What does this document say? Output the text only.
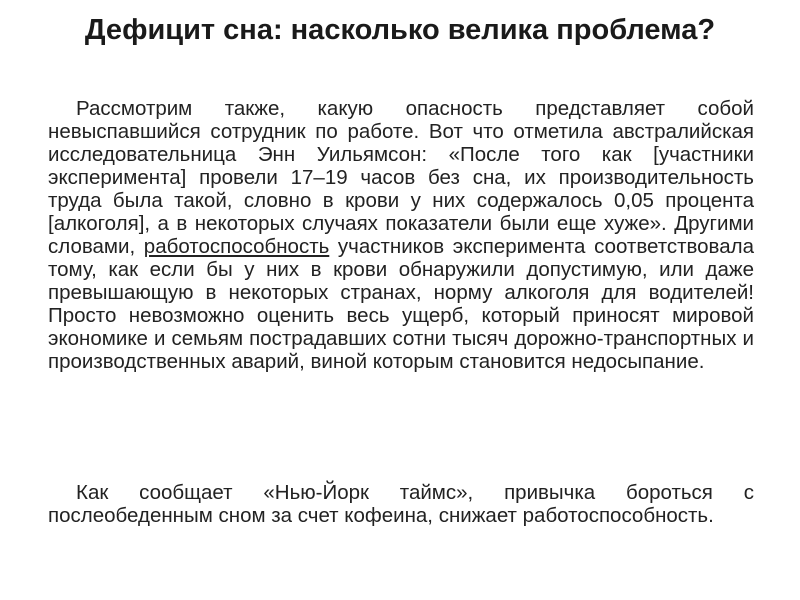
Дефицит сна: насколько велика проблема?

Рассмотрим также, какую опасность представляет собой невыспавшийся сотрудник по работе. Вот что отметила австралийская исследовательница Энн Уильямсон: «После того как [участники эксперимента] провели 17–19 часов без сна, их производительность труда была такой, словно в крови у них содержалось 0,05 процента [алкоголя], а в некоторых случаях показатели были еще хуже». Другими словами, работоспособность участников эксперимента соответствовала тому, как если бы у них в крови обнаружили допустимую, или даже превышающую в некоторых странах, норму алкоголя для водителей! Просто невозможно оценить весь ущерб, который приносят мировой экономике и семьям пострадавших сотни тысяч дорожно-транспортных и производственных аварий, виной которым становится недосыпание.

Как сообщает «Нью-Йорк таймс», привычка бороться с послеобеденным сном за счет кофеина, снижает работоспособность.
